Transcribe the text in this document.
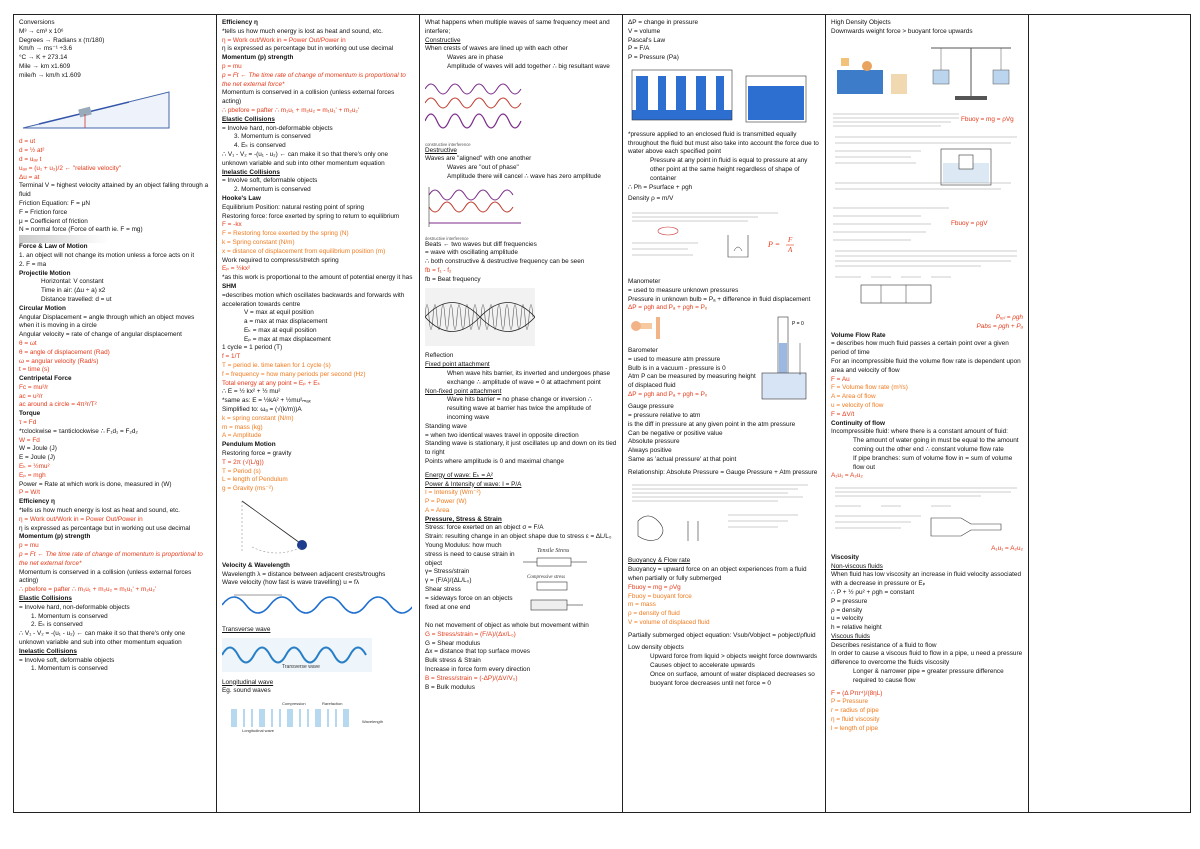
Conversions
M³ → cm³ x 10⁶
Degrees → Radians x (π/180)
Km/h → ms⁻¹ ÷3.6
°C → K + 273.14
Mile → km x1.609
mile/h → km/h x1.609
d = ut
d = ½ at²
d = uₐᵥ t
uₐᵥ = (u₁ + u₂)/2 ← "relative velocity"
Δu = at
Terminal V = highest velocity attained by an object falling through a fluid
Friction Equation: F = μN
F = Friction force
μ = Coefficient of friction
N = normal force (Force of earth ie. F = mg)
Force & Law of Motion
1. an object will not change its motion unless a force acts on it
2. F = ma
Projectile Motion
Horizontal: V constant
Time in air: (Δu ÷ a) x2
Distance travelled: d = ut
Circular Motion
Angular Displacement = angle through which an object moves when it is moving in a circle
Angular velocity = rate of change of angular displacement
θ = ωt
θ = angle of displacement (Rad)
ω = angular velocity (Rad/s)
t = time (s)
Centripetal Force
Fc = mu²/r
ac = u²/r
ac around a circle = 4π²r/T²
Torque
τ = Fd
*τclockwise = τanticlockwise ∴ F₁d₁ = F₂d₂
W = Fd
W = Joule (J)
E = Joule (J)
Eₖ = ½mu²
Eₚ = mgh
Power = Rate at which work is done, measured in (W)
P = W/t
Efficiency η
*tells us how much energy is lost as heat and sound, etc.
η = Work out/Work in = Power Out/Power in
η is expressed as percentage but in working out use decimal
Momentum (p) strength
p = mu
p = Ft ← The time rate of change of momentum is proportional to the net external force*
Momentum is conserved in a collision (unless external forces acting)
∴ pbefore = pafter ∴ m₁u₁ + m₂u₂ = m₁u₁' + m₂u₂'
Elastic Collisions
= Involve hard, non-deformable objects
1. Momentum is conserved
2. Eₖ is conserved
∴ V₁ - V₂ = -(u₁ - u₂) ← can make it so that there's only one unknown variable and sub into other momentum equation
Inelastic Collisions
= Involve soft, deformable objects
1. Momentum is conserved
Efficiency η
*tells us how much energy is lost as heat and sound, etc.
η = Work out/Work in = Power Out/Power in
η is expressed as percentage but in working out use decimal
Momentum (p) strength
p = mu
p = Ft ← The time rate of change of momentum is proportional to the net external force*
Momentum is conserved in a collision (unless external forces acting)
∴ pbefore = pafter ∴ m₁u₁ + m₂u₂ = m₁u₁' + m₂u₂'
Elastic Collisions
= Involve hard, non-deformable objects
3. Momentum is conserved
4. Eₖ is conserved
∴ V₁ - V₂ = -(u₁ - u₂) ← can make it so that there's only one unknown variable and sub into other momentum equation
Inelastic Collisions
= Involve soft, deformable objects
2. Momentum is conserved
Hooke's Law
Equilibrium Position: natural resting point of spring
Restoring force: force exerted by spring to return to equilibrium
F = -kx
F = Restoring force exerted by the spring (N)
k = Spring constant (N/m)
x = distance of displacement from equilibrium position (m)
Work required to compress/stretch spring
Eₚ = ½kx²
*as this work is proportional to the amount of potential energy it has
SHM
=describes motion which oscillates backwards and forwards with acceleration towards centre
V = max at equil position
a = max at max displacement
Eₖ = max at equil position
Eₚ = max at max displacement
1 cycle = 1 period (T)
f = 1/T
T = period ie. time taken for 1 cycle (s)
f = frequency = how many periods per second (Hz)
Total energy at any point = Eₚ + Eₖ
∴ E = ½ kx² + ½ mu²
*same as: E = ½kA² + ½mu²ₘₐₓ
Simplified to: ωₐ = (√(k/m))A
k = spring constant (N/m)
m = mass (kg)
A = Amplitude
Pendulum Motion
Restoring force = gravity
T = 2π (√(L/g))
T = Period (s)
L = length of Pendulum
g = Gravity (ms⁻²)
Velocity & Wavelength
Wavelength λ = distance between adjacent crests/troughs
Wave velocity (how fast is wave travelling) u = fλ
Transverse wave
Transverse wave
Longitudinal wave
Eg. sound waves
Compression	Rarefaction
Wavelength
Longitudinal wave
What happens when multiple waves of same frequency meet and interfere;
Constructive
When crests of waves are lined up with each other
Waves are in phase
Amplitude of waves will add together ∴ big resultant wave
constructive interference
Destructive
Waves are "aligned" with one another
Waves are "out of phase"
Amplitude there will cancel ∴ wave has zero amplitude
destructive interference
Beats ← two waves but diff frequencies
= wave with oscillating amplitude
∴ both constructive & destructive frequency can be seen
fb = f₁ - f₂
fb = Beat frequency
Reflection
Fixed point attachment
When wave hits barrier, its inverted and undergoes phase exchange ∴ amplitude of wave = 0 at attachment point
Non-fixed point attachment
Wave hits barrier = no phase change or inversion ∴ resulting wave at barrier has twice the amplitude of incoming wave
Standing wave
= when two identical waves travel in opposite direction
Standing wave is stationary, it just oscillates up and down on its tied to right
Points where amplitude is 0 and maximal change
Energy of wave: Eₖ = A²
Power & Intensity of wave: I = P/A
I = Intensity (Wm⁻²)
P = Power (W)
A = Area
Pressure, Stress & Strain
Stress: force exerted on an object σ = F/A
Strain: resulting change in an object shape due to stress ε = ΔL/L₀
Young Modulus: how much stress is need to cause strain in object
γ= Stress/strain
γ = (F/A)/(ΔL/L₀)
Shear stress
= sideways force on an objects fixed at one end
Tensile Stress
Compressive stress
No net movement of object as whole but movement within
G = Stress/strain = (F/A)/(Δx/L₀)
G = Shear modulus
Δx = distance that top surface moves
Bulk stress & Strain
Increase in force form every direction
B = Stress/strain = (-ΔP)/(ΔV/V₀)
B = Bulk modulus
ΔP = change in pressure
V = volume
Pascal's Law
P = F/A
P = Pressure (Pa)
*pressure applied to an enclosed fluid is transmitted equally throughout the fluid but must also take into account the force due to water above each specified point
Pressure at any point in fluid is equal to pressure at any other point at the same height regardless of shape of container
∴ Ph = Psurface + ρgh
Density ρ = m/V
P = F
A
Manometer
= used to measure unknown pressures
Pressure in unknown bulb = Pₐ + difference in fluid displacement
ΔP = ρgh and Pₐ + ρgh = Pₓ
Barometer
= used to measure atm pressure
Bulb is in a vacuum - pressure is 0
Atm P can be measured by measuring height of displaced fluid
ΔP = ρgh and Pₐ + ρgh = Pₓ
P = 0
Gauge pressure
= pressure relative to atm
is the diff in pressure at any given point in the atm pressure
Can be negative or positive value
Absolute pressure
Always positive
Same as 'actual pressure' at that point
Relationship: Absolute Pressure = Gauge Pressure + Atm pressure
Buoyancy & Flow rate
Buoyancy = upward force on an object experiences from a fluid when partially or fully submerged
Fbuoy = mg = ρVg
Fbuoy = buoyant force
m = mass
ρ = density of fluid
V = volume of displaced fluid
Partially submerged object equation: Vsub/Vobject = ρobject/ρfluid
Low density objects
Upward force from liquid > objects weight force downwards
Causes object to accelerate upwards
Once on surface, amount of water displaced decreases so buoyant force decreases until net force = 0
High Density Objects
Downwards weight force > buoyant force upwards
Fbuoy = mg = ρVg
Fbuoy = ρgV
Pᵣₑₗ = ρgh
Pabs = ρgh + Pₐ
Volume Flow Rate
= describes how much fluid passes a certain point over a given period of time
For an incompressible fluid the volume flow rate is dependent upon area and velocity of flow
F = Au
F = Volume flow rate (m³/s)
A = Area of flow
u = velocity of flow
F = ΔV/t
Continuity of flow
Incompressible fluid: where there is a constant amount of fluid:
The amount of water going in must be equal to the amount coming out the other end ∴ constant volume flow rate
If pipe branches: sum of volume flow in = sum of volume flow out
A₁u₁ = A₂u₂
A₁u₁ = A₂u₂
Viscosity
Non-viscous fluids
When fluid has low viscosity an increase in fluid velocity associated with a decrease in pressure or Eₚ
∴ P + ½ ρu² + ρgh = constant
P = pressure
ρ = density
u = velocity
h = relative height
Viscous fluids
Describes resistance of a fluid to flow
In order to cause a viscous fluid to flow in a pipe, u need a pressure difference to overcome the fluids viscosity
Longer & narrower pipe = greater pressure difference required to cause flow
F = (Δ Pπr⁴)/(8ηL)
P = Pressure
r = radius of pipe
η = fluid viscosity
l = length of pipe
